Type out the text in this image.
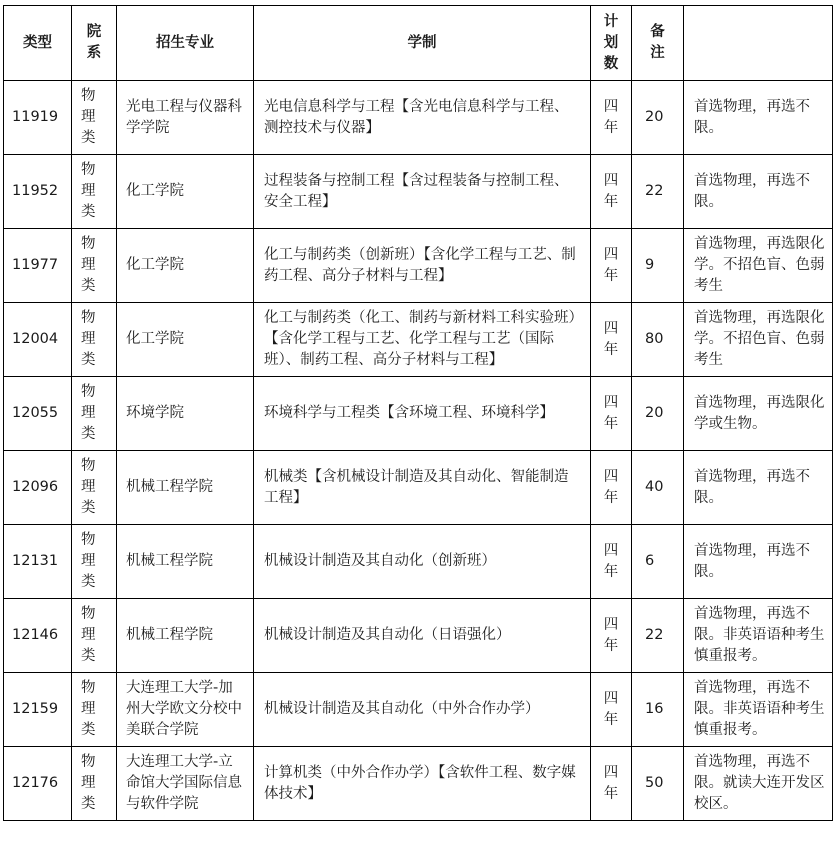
类型	院系	招生专业	学制	计划数	备注	
11919	物理类	光电工程与仪器科学学院	光电信息科学与工程【含光电信息科学与工程、测控技术与仪器】	四年	20	首选物理，再选不限。
11952	物理类	化工学院	过程装备与控制工程【含过程装备与控制工程、安全工程】	四年	22	首选物理，再选不限。
11977	物理类	化工学院	化工与制药类（创新班）【含化学工程与工艺、制药工程、高分子材料与工程】	四年	9	首选物理，再选限化学。不招色盲、色弱考生
12004	物理类	化工学院	化工与制药类（化工、制药与新材料工科实验班）【含化学工程与工艺、化学工程与工艺（国际班）、制药工程、高分子材料与工程】	四年	80	首选物理，再选限化学。不招色盲、色弱考生
12055	物理类	环境学院	环境科学与工程类【含环境工程、环境科学】	四年	20	首选物理，再选限化学或生物。
12096	物理类	机械工程学院	机械类【含机械设计制造及其自动化、智能制造工程】	四年	40	首选物理，再选不限。
12131	物理类	机械工程学院	机械设计制造及其自动化（创新班）	四年	6	首选物理，再选不限。
12146	物理类	机械工程学院	机械设计制造及其自动化（日语强化）	四年	22	首选物理，再选不限。非英语语种考生慎重报考。
12159	物理类	大连理工大学-加州大学欧文分校中美联合学院	机械设计制造及其自动化（中外合作办学）	四年	16	首选物理，再选不限。非英语语种考生慎重报考。
12176	物理类	大连理工大学-立命馆大学国际信息与软件学院	计算机类（中外合作办学）【含软件工程、数字媒体技术】	四年	50	首选物理，再选不限。就读大连开发区校区。
